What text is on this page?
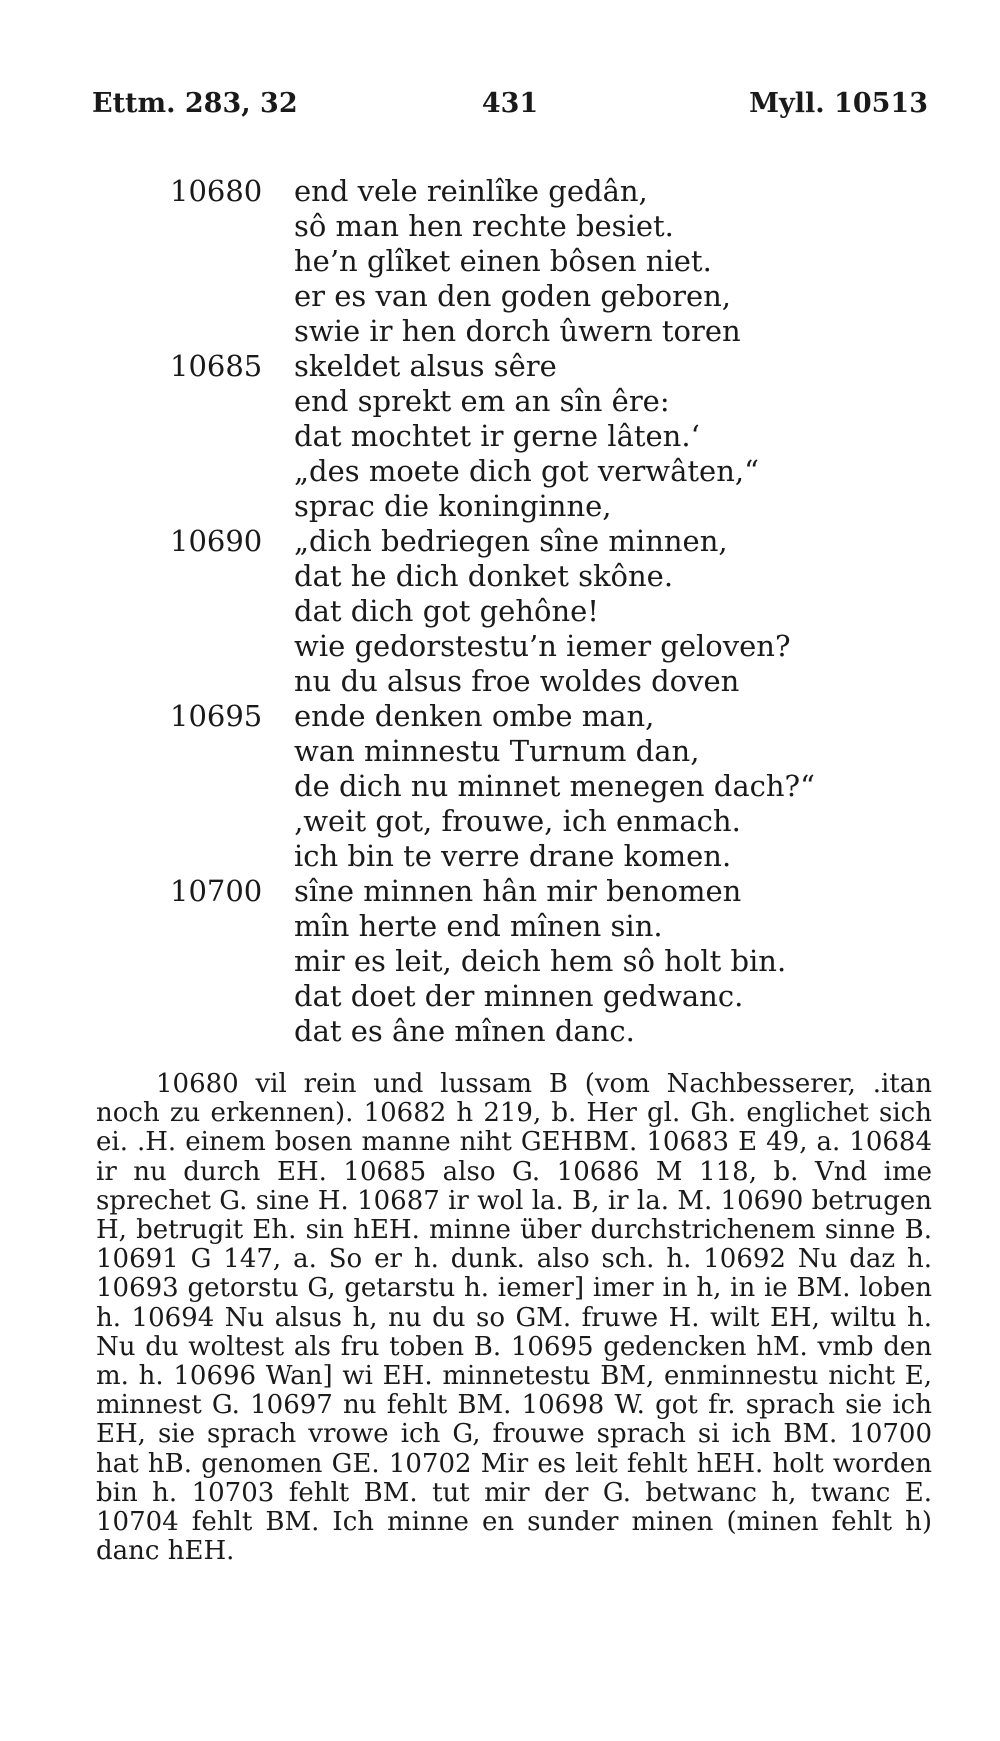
Ettm. 283, 32	431	Myll. 10513
10680 end vele reinlîke gedân,
sô man hen rechte besiet.
he’n glîket einen bôsen niet.
er es van den goden geboren,
swie ir hen dorch ûwern toren
10685 skeldet alsus sêre
end sprekt em an sîn êre:
dat mochtet ir gerne lâten.‘
„des moete dich got verwâten,“
sprac die koninginne,
10690 „dich bedriegen sîne minnen,
dat he dich donket skône.
dat dich got gehône!
wie gedorstestu’n iemer geloven?
nu du alsus froe woldes doven
10695 ende denken ombe man,
wan minnestu Turnum dan,
de dich nu minnet menegen dach?“
‚weit got, frouwe, ich enmach.
ich bin te verre drane komen.
10700 sîne minnen hân mir benomen
mîn herte end mînen sin.
mir es leit, deich hem sô holt bin.
dat doet der minnen gedwanc.
dat es âne mînen danc.

10680 vil rein und lussam B (vom Nachbesserer, .itan noch zu erkennen). 10682 h 219, b. Her gl. Gh. englichet sich ei. .H. einem bosen manne niht GEHBM. 10683 E 49, a. 10684 ir nu durch EH. 10685 also G. 10686 M 118, b. Vnd ime sprechet G. sine H. 10687 ir wol la. B, ir la. M. 10690 betrugen H, betrugit Eh. sin hEH. minne über durchstrichenem sinne B. 10691 G 147, a. So er h. dunk. also sch. h. 10692 Nu daz h. 10693 getorstu G, getarstu h. iemer] imer in h, in ie BM. loben h. 10694 Nu alsus h, nu du so GM. fruwe H. wilt EH, wiltu h. Nu du woltest als fru toben B. 10695 gedencken hM. vmb den m. h. 10696 Wan] wi EH. minnetestu BM, enminnestu nicht E, minnest G. 10697 nu fehlt BM. 10698 W. got fr. sprach sie ich EH, sie sprach vrowe ich G, frouwe sprach si ich BM. 10700 hat hB. genomen GE. 10702 Mir es leit fehlt hEH. holt worden bin h. 10703 fehlt BM. tut mir der G. betwanc h, twanc E. 10704 fehlt BM. Ich minne en sunder minen (minen fehlt h) danc hEH.
